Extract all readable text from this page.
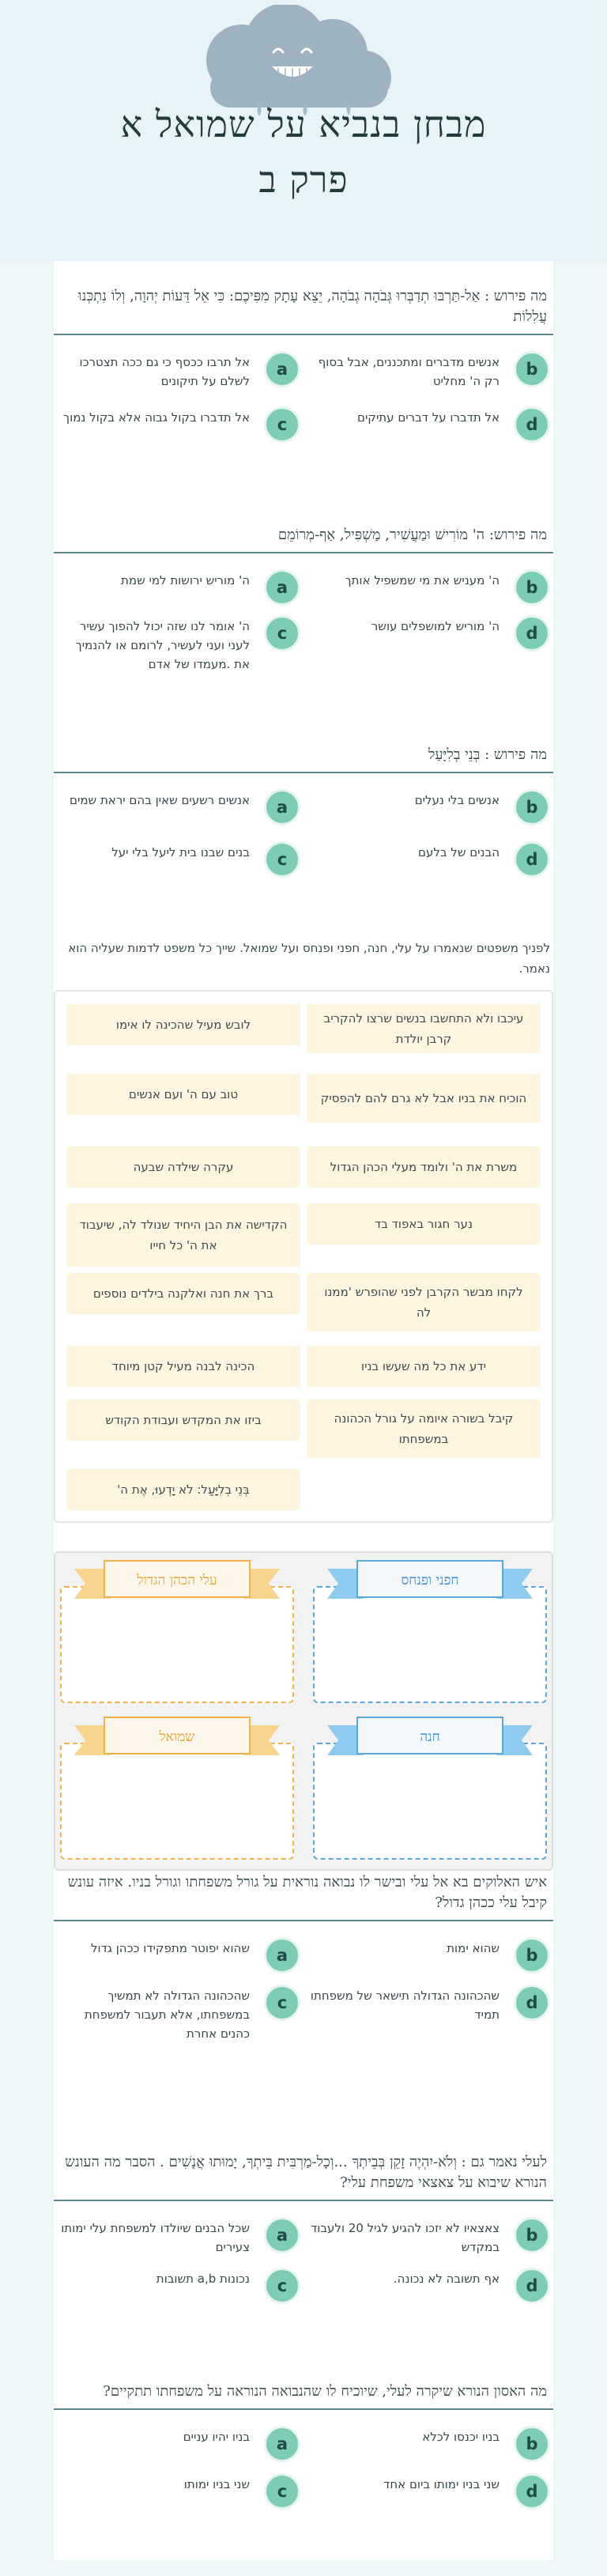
מבחן בנביא על שמואל א
פרק ב
מה פירוש : אַל-תַּרְבּוּ תְדַבְּרוּ גְּבֹהָה גְבֹהָה, יֵצֵא עָתָק מִפִּיכֶם: כִּי אֵל דֵּעוֹת יְהוָה, וְלוֹ נִתְכְּנוּ עֲלִלוֹת
b
אנשים מדברים ומתכננים, אבל בסוף רק ה' מחליט
a
אל תרבו ככסף כי גם ככה תצטרכו לשלם על תיקונים
d
אל תדברו על דברים עתיקים
c
אל תדברו בקול גבוה אלא בקול נמוך
מה פירוש: ה' מוֹרִישׁ וּמַעֲשִׁיר, מַשְׁפִּיל, אַף-מְרוֹמֵם
b
ה' מעניש את מי שמשפיל אותך
a
ה' מוריש ירושות למי שמת
d
ה' מוריש למושפלים עושר
c
ה' אומר לנו שזה יכול להפוך עשיר לעני ועני לעשיר, לרומם או להנמיך את .מעמדו של אדם
מה פירוש : בְּנֵי בְלִיָּעַל
b
אנשים בלי נעלים
a
אנשים רשעים שאין בהם יראת שמים
d
הבנים של בלעם
c
בנים שבנו בית ליעל בלי יעל
לפניך משפטים שנאמרו על עלי, חנה, חפני ופנחס ועל שמואל. שייך כל משפט לדמות שעליה הוא נאמר.
עיכבו ולא התחשבו בנשים שרצו להקריב קרבן יולדת
לובש מעיל שהכינה לו אימו
הוכיח את בניו אבל לא גרם להם להפסיק
טוב עם ה' ועם אנשים
משרת את ה' ולומד מעלי הכהן הגדול
עקרה שילדה שבעה
נער חגור באפוד בד
הקדישה את הבן היחיד שנולד לה, שיעבוד את ה' כל חייו
לקחו מבשר הקרבן לפני שהופרש 'ממנו לה
ברך את חנה ואלקנה בילדים נוספים
ידע את כל מה שעשו בניו
הכינה לבנה מעיל קטן מיוחד
קיבל בשורה איומה על גורל הכהונה במשפחתו
ביזו את המקדש ועבודת הקודש
בְּנֵי בְלִיָּעַל: לֹא יָדְעוּ, אֶת ה'
חפני ופנחס
עלי הכהן הגדול
חנה
שמואל
איש האלוקים בא אל עלי ובישר לו נבואה נוראית על גורל משפחתו וגורל בניו. איזה עונש קיבל עלי ככהן גדול?
b
שהוא ימות
a
שהוא יפוטר מתפקידו ככהן גדול
d
שהכהונה הגדולה תישאר של משפחתו תמיד
c
שהכהונה הגדולה לא תמשיך במשפחתו, אלא תעבור למשפחת כהנים אחרת
לעלי נאמר גם : וְלֹא-יִהְיֶה זָקֵן בְּבֵיתְךָ ...וְכָל-מַרְבִּית בֵּיתְךָ, יָמוּתוּ אֲנָשִׁים . הסבר מה העונש הנורא שיבוא על צאצאי משפחת עלי?
b
צאצאיו לא יזכו להגיע לגיל 20 ולעבוד במקדש
a
שכל הבנים שיולדו למשפחת עלי ימותו צעירים
d
אף תשובה לא נכונה.
c
נכונות a,b תשובות
מה האסון הנורא שיקרה לעלי, שיוכיח לו שהנבואה הנוראה על משפחתו תתקיים?
b
בניו יכנסו לכלא
a
בניו יהיו עניים
d
שני בניו ימותו ביום אחד
c
שני בניו ימותו
